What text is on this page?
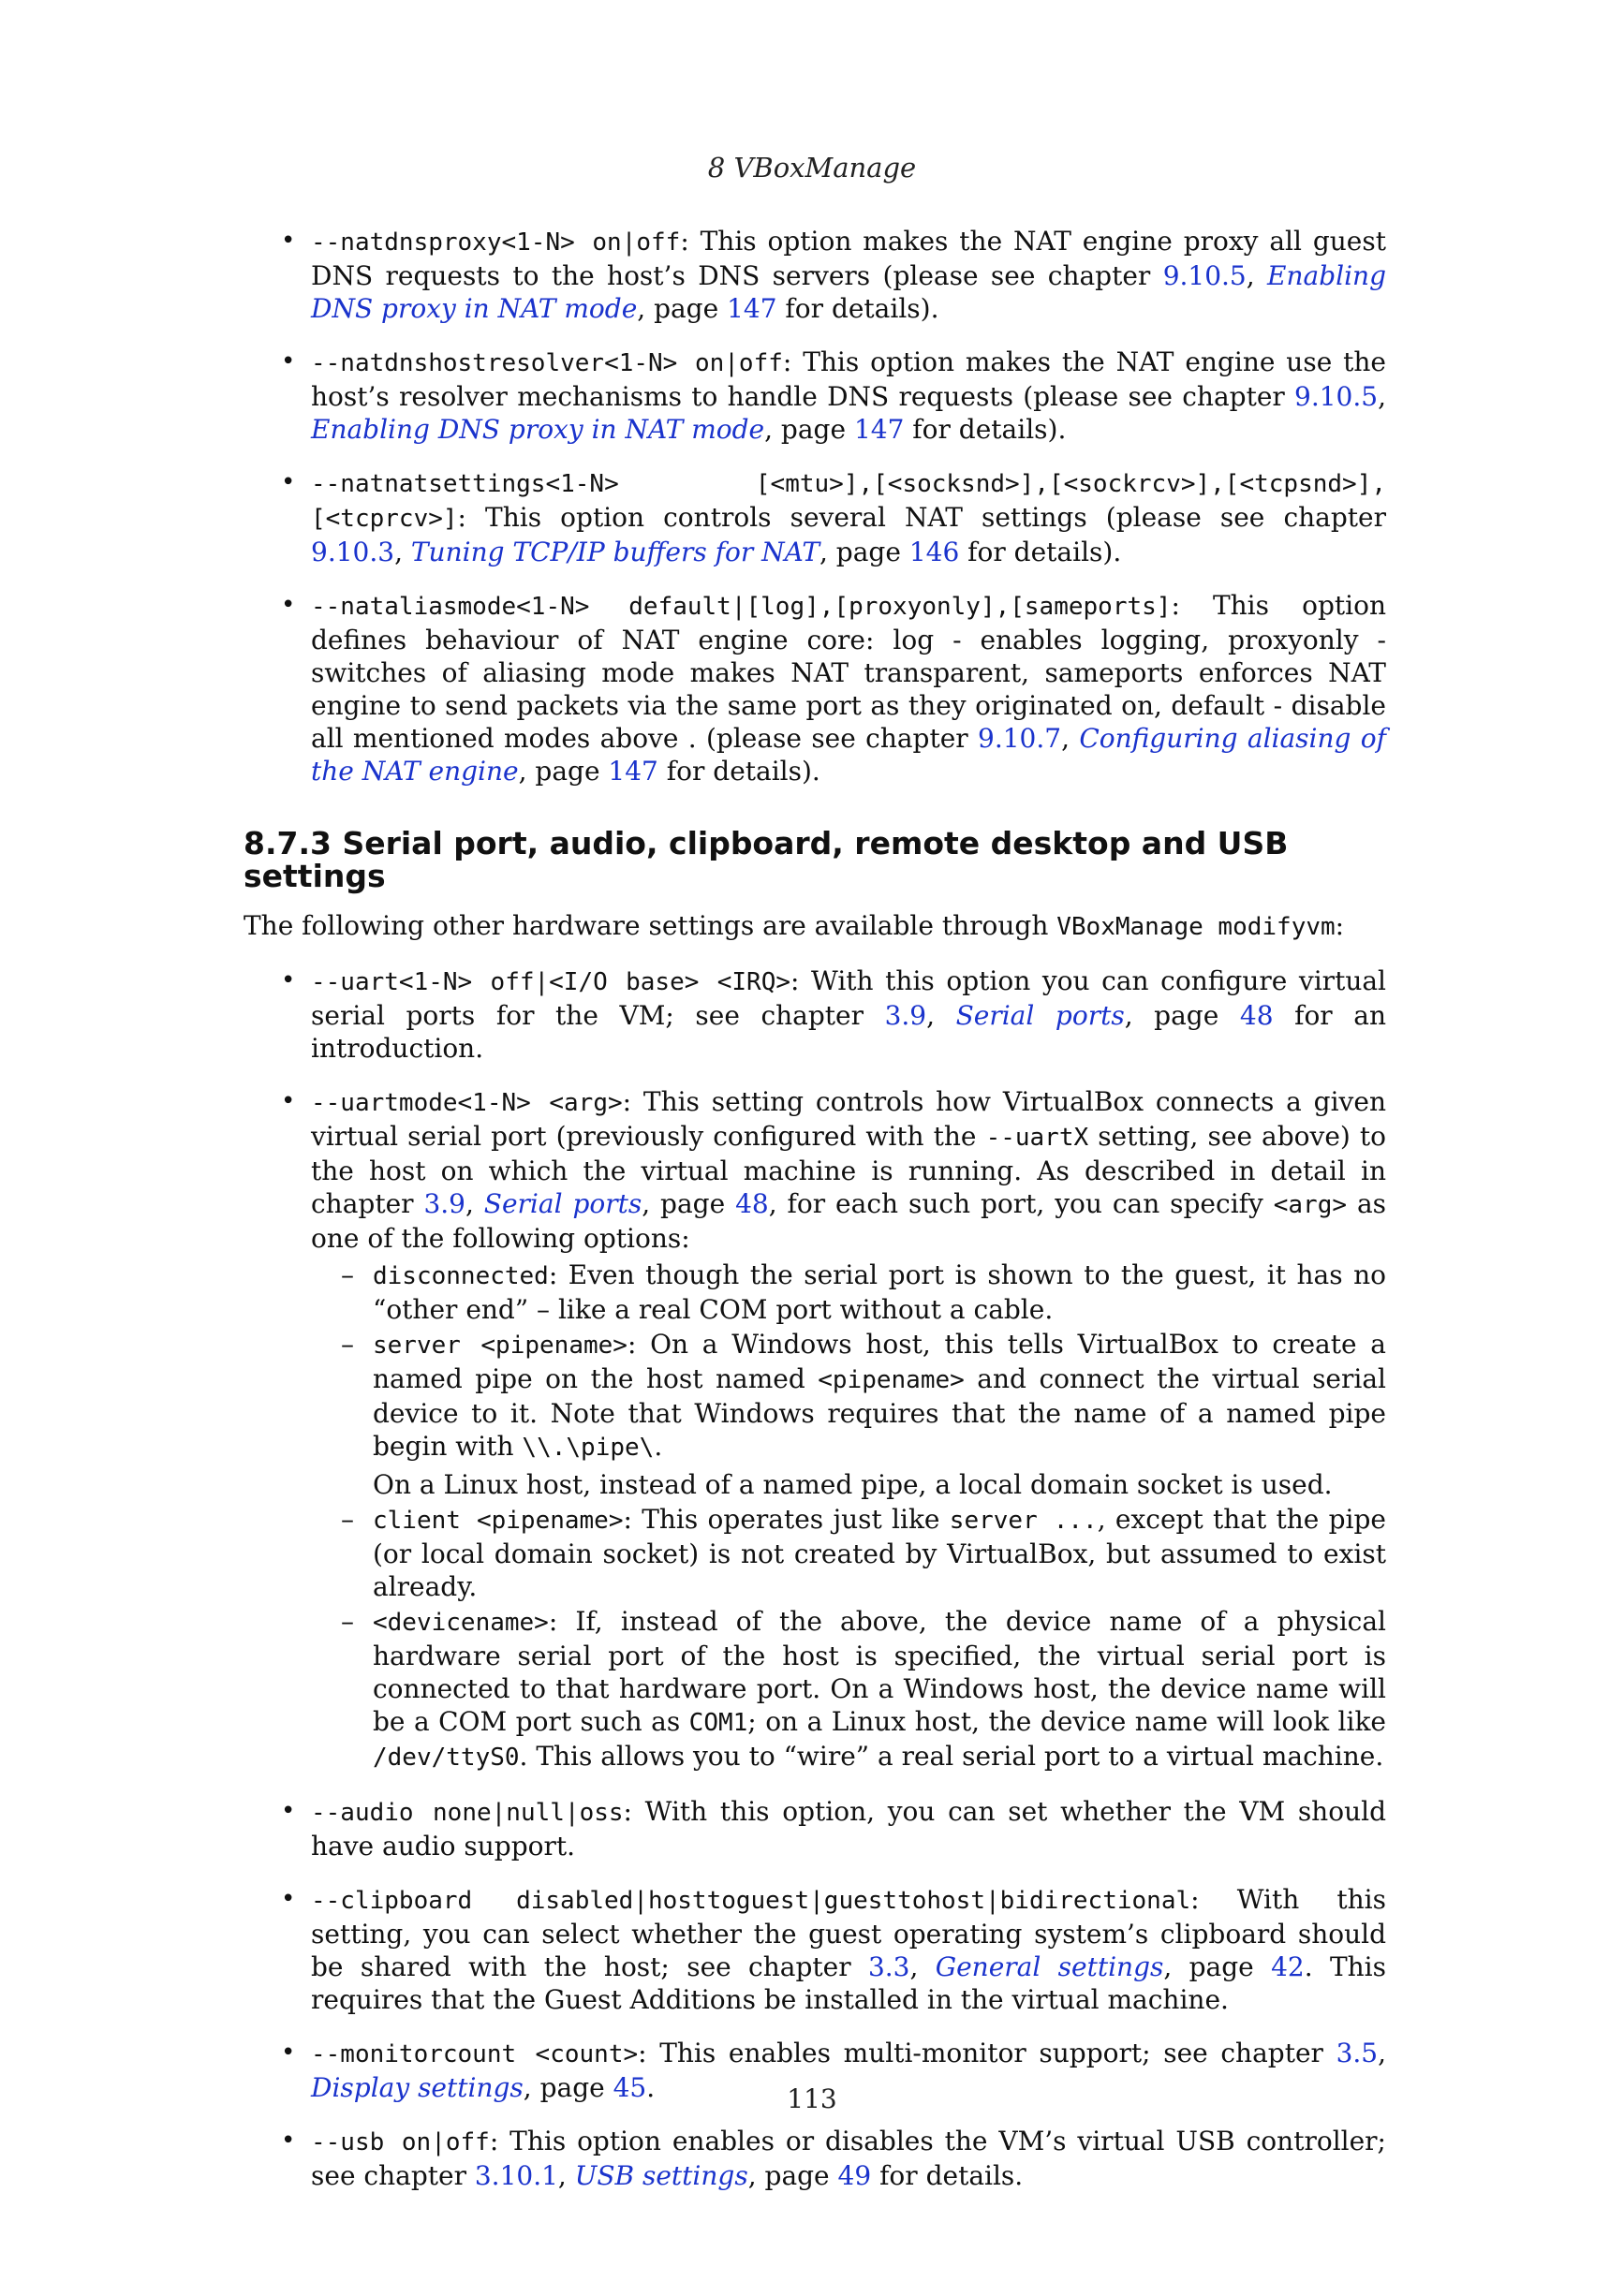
8 VBoxManage
• --natdnsproxy<1-N> on|off: This option makes the NAT engine proxy all guest DNS requests to the host’s DNS servers (please see chapter 9.10.5, Enabling DNS proxy in NAT mode, page 147 for details).
• --natdnshostresolver<1-N> on|off: This option makes the NAT engine use the host’s resolver mechanisms to handle DNS requests (please see chapter 9.10.5, Enabling DNS proxy in NAT mode, page 147 for details).
• --natnatsettings<1-N> [<mtu>],[<socksnd>],[<sockrcv>],[<tcpsnd>], [<tcprcv>]: This option controls several NAT settings (please see chapter 9.10.3, Tuning TCP/IP buffers for NAT, page 146 for details).
• --nataliasmode<1-N> default|[log],[proxyonly],[sameports]: This option defines behaviour of NAT engine core: log - enables logging, proxyonly - switches of aliasing mode makes NAT transparent, sameports enforces NAT engine to send packets via the same port as they originated on, default - disable all mentioned modes above . (please see chapter 9.10.7, Configuring aliasing of the NAT engine, page 147 for details).
8.7.3 Serial port, audio, clipboard, remote desktop and USB settings

The following other hardware settings are available through VBoxManage modifyvm:

• --uart<1-N> off|<I/O base> <IRQ>: With this option you can configure virtual serial ports for the VM; see chapter 3.9, Serial ports, page 48 for an introduction.
• --uartmode<1-N> <arg>: This setting controls how VirtualBox connects a given virtual serial port (previously configured with the --uartX setting, see above) to the host on which the virtual machine is running. As described in detail in chapter 3.9, Serial ports, page 48, for each such port, you can specify <arg> as one of the following options:
– disconnected: Even though the serial port is shown to the guest, it has no “other end” – like a real COM port without a cable.
– server <pipename>: On a Windows host, this tells VirtualBox to create a named pipe on the host named <pipename> and connect the virtual serial device to it. Note that Windows requires that the name of a named pipe begin with \\.\pipe\.
On a Linux host, instead of a named pipe, a local domain socket is used.
– client <pipename>: This operates just like server ..., except that the pipe (or local domain socket) is not created by VirtualBox, but assumed to exist already.
– <devicename>: If, instead of the above, the device name of a physical hardware serial port of the host is specified, the virtual serial port is connected to that hardware port. On a Windows host, the device name will be a COM port such as COM1; on a Linux host, the device name will look like /dev/ttyS0. This allows you to “wire” a real serial port to a virtual machine.
• --audio none|null|oss: With this option, you can set whether the VM should have audio support.
• --clipboard disabled|hosttoguest|guesttohost|bidirectional: With this setting, you can select whether the guest operating system’s clipboard should be shared with the host; see chapter 3.3, General settings, page 42. This requires that the Guest Additions be installed in the virtual machine.
• --monitorcount <count>: This enables multi-monitor support; see chapter 3.5, Display settings, page 45.
• --usb on|off: This option enables or disables the VM’s virtual USB controller; see chapter 3.10.1, USB settings, page 49 for details.
113
